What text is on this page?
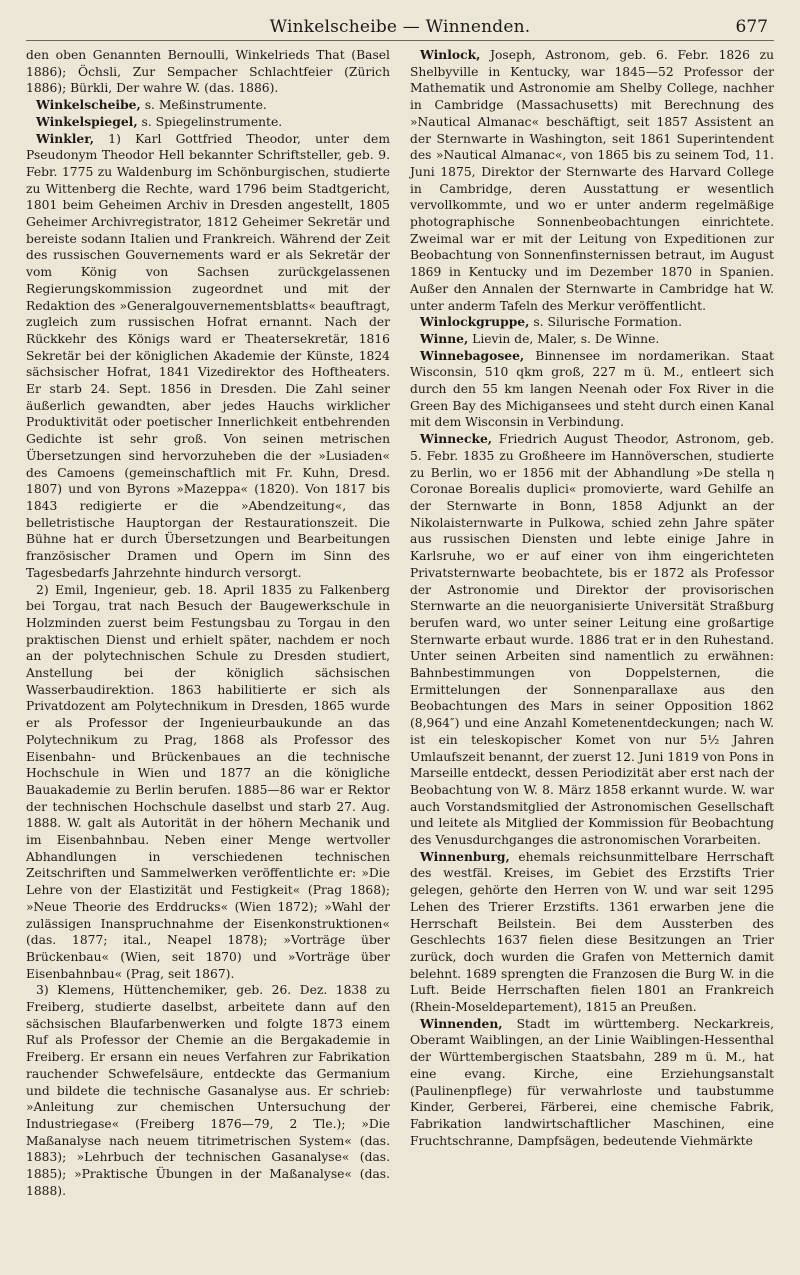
Winkelscheibe — Winnenden.	677

den oben Genannten Bernoulli, Winkelrieds That (Basel 1886); Öchsli, Zur Sempacher Schlachtfeier (Zürich 1886); Bürkli, Der wahre W. (das. 1886).

Winkelscheibe, s. Meßinstrumente.

Winkelspiegel, s. Spiegelinstrumente.

Winkler, 1) Karl Gottfried Theodor, unter dem Pseudonym Theodor Hell bekannter Schriftsteller, geb. 9. Febr. 1775 zu Waldenburg im Schönburgischen, studierte zu Wittenberg die Rechte, ward 1796 beim Stadtgericht, 1801 beim Geheimen Archiv in Dresden angestellt, 1805 Geheimer Archivregistrator, 1812 Geheimer Sekretär und bereiste sodann Italien und Frankreich. Während der Zeit des russischen Gouvernements ward er als Sekretär der vom König von Sachsen zurückgelassenen Regierungskommission zugeordnet und mit der Redaktion des »Generalgouvernementsblatts« beauftragt, zugleich zum russischen Hofrat ernannt. Nach der Rückkehr des Königs ward er Theatersekretär, 1816 Sekretär bei der königlichen Akademie der Künste, 1824 sächsischer Hofrat, 1841 Vizedirektor des Hoftheaters. Er starb 24. Sept. 1856 in Dresden. Die Zahl seiner äußerlich gewandten, aber jedes Hauchs wirklicher Produktivität oder poetischer Innerlichkeit entbehrenden Gedichte ist sehr groß. Von seinen metrischen Übersetzungen sind hervorzuheben die der »Lusiaden« des Camoens (gemeinschaftlich mit Fr. Kuhn, Dresd. 1807) und von Byrons »Mazeppa« (1820). Von 1817 bis 1843 redigierte er die »Abendzeitung«, das belletristische Hauptorgan der Restaurationszeit. Die Bühne hat er durch Übersetzungen und Bearbeitungen französischer Dramen und Opern im Sinn des Tagesbedarfs Jahrzehnte hindurch versorgt.

2) Emil, Ingenieur, geb. 18. April 1835 zu Falkenberg bei Torgau, trat nach Besuch der Baugewerkschule in Holzminden zuerst beim Festungsbau zu Torgau in den praktischen Dienst und erhielt später, nachdem er noch an der polytechnischen Schule zu Dresden studiert, Anstellung bei der königlich sächsischen Wasserbaudirektion. 1863 habilitierte er sich als Privatdozent am Polytechnikum in Dresden, 1865 wurde er als Professor der Ingenieurbaukunde an das Polytechnikum zu Prag, 1868 als Professor des Eisenbahn- und Brückenbaues an die technische Hochschule in Wien und 1877 an die königliche Bauakademie zu Berlin berufen. 1885—86 war er Rektor der technischen Hochschule daselbst und starb 27. Aug. 1888. W. galt als Autorität in der höhern Mechanik und im Eisenbahnbau. Neben einer Menge wertvoller Abhandlungen in verschiedenen technischen Zeitschriften und Sammelwerken veröffentlichte er: »Die Lehre von der Elastizität und Festigkeit« (Prag 1868); »Neue Theorie des Erddrucks« (Wien 1872); »Wahl der zulässigen Inanspruchnahme der Eisenkonstruktionen« (das. 1877; ital., Neapel 1878); »Vorträge über Brückenbau« (Wien, seit 1870) und »Vorträge über Eisenbahnbau« (Prag, seit 1867).

3) Klemens, Hüttenchemiker, geb. 26. Dez. 1838 zu Freiberg, studierte daselbst, arbeitete dann auf den sächsischen Blaufarbenwerken und folgte 1873 einem Ruf als Professor der Chemie an die Bergakademie in Freiberg. Er ersann ein neues Verfahren zur Fabrikation rauchender Schwefelsäure, entdeckte das Germanium und bildete die technische Gasanalyse aus. Er schrieb: »Anleitung zur chemischen Untersuchung der Industriegase« (Freiberg 1876—79, 2 Tle.); »Die Maßanalyse nach neuem titrimetrischen System« (das. 1883); »Lehrbuch der technischen Gasanalyse« (das. 1885); »Praktische Übungen in der Maßanalyse« (das. 1888).

Winlock, Joseph, Astronom, geb. 6. Febr. 1826 zu Shelbyville in Kentucky, war 1845—52 Professor der Mathematik und Astronomie am Shelby College, nachher in Cambridge (Massachusetts) mit Berechnung des »Nautical Almanac« beschäftigt, seit 1857 Assistent an der Sternwarte in Washington, seit 1861 Superintendent des »Nautical Almanac«, von 1865 bis zu seinem Tod, 11. Juni 1875, Direktor der Sternwarte des Harvard College in Cambridge, deren Ausstattung er wesentlich vervollkommte, und wo er unter anderm regelmäßige photographische Sonnenbeobachtungen einrichtete. Zweimal war er mit der Leitung von Expeditionen zur Beobachtung von Sonnenfinsternissen betraut, im August 1869 in Kentucky und im Dezember 1870 in Spanien. Außer den Annalen der Sternwarte in Cambridge hat W. unter anderm Tafeln des Merkur veröffentlicht.

Winlockgruppe, s. Silurische Formation.

Winne, Lievin de, Maler, s. De Winne.

Winnebagosee, Binnensee im nordamerikan. Staat Wisconsin, 510 qkm groß, 227 m ü. M., entleert sich durch den 55 km langen Neenah oder Fox River in die Green Bay des Michigansees und steht durch einen Kanal mit dem Wisconsin in Verbindung.

Winnecke, Friedrich August Theodor, Astronom, geb. 5. Febr. 1835 zu Großheere im Hannöverschen, studierte zu Berlin, wo er 1856 mit der Abhandlung »De stella η Coronae Borealis duplici« promovierte, ward Gehilfe an der Sternwarte in Bonn, 1858 Adjunkt an der Nikolaisternwarte in Pulkowa, schied zehn Jahre später aus russischen Diensten und lebte einige Jahre in Karlsruhe, wo er auf einer von ihm eingerichteten Privatsternwarte beobachtete, bis er 1872 als Professor der Astronomie und Direktor der provisorischen Sternwarte an die neuorganisierte Universität Straßburg berufen ward, wo unter seiner Leitung eine großartige Sternwarte erbaut wurde. 1886 trat er in den Ruhestand. Unter seinen Arbeiten sind namentlich zu erwähnen: Bahnbestimmungen von Doppelsternen, die Ermittelungen der Sonnenparallaxe aus den Beobachtungen des Mars in seiner Opposition 1862 (8,964″) und eine Anzahl Kometenentdeckungen; nach W. ist ein teleskopischer Komet von nur 5½ Jahren Umlaufszeit benannt, der zuerst 12. Juni 1819 von Pons in Marseille entdeckt, dessen Periodizität aber erst nach der Beobachtung von W. 8. März 1858 erkannt wurde. W. war auch Vorstandsmitglied der Astronomischen Gesellschaft und leitete als Mitglied der Kommission für Beobachtung des Venusdurchganges die astronomischen Vorarbeiten.

Winnenburg, ehemals reichsunmittelbare Herrschaft des westfäl. Kreises, im Gebiet des Erzstifts Trier gelegen, gehörte den Herren von W. und war seit 1295 Lehen des Trierer Erzstifts. 1361 erwarben jene die Herrschaft Beilstein. Bei dem Aussterben des Geschlechts 1637 fielen diese Besitzungen an Trier zurück, doch wurden die Grafen von Metternich damit belehnt. 1689 sprengten die Franzosen die Burg W. in die Luft. Beide Herrschaften fielen 1801 an Frankreich (Rhein-Moseldepartement), 1815 an Preußen.

Winnenden, Stadt im württemberg. Neckarkreis, Oberamt Waiblingen, an der Linie Waiblingen-Hessenthal der Württembergischen Staatsbahn, 289 m ü. M., hat eine evang. Kirche, eine Erziehungsanstalt (Paulinenpflege) für verwahrloste und taubstumme Kinder, Gerberei, Färberei, eine chemische Fabrik, Fabrikation landwirtschaftlicher Maschinen, eine Fruchtschranne, Dampfsägen, bedeutende Viehmärkte
